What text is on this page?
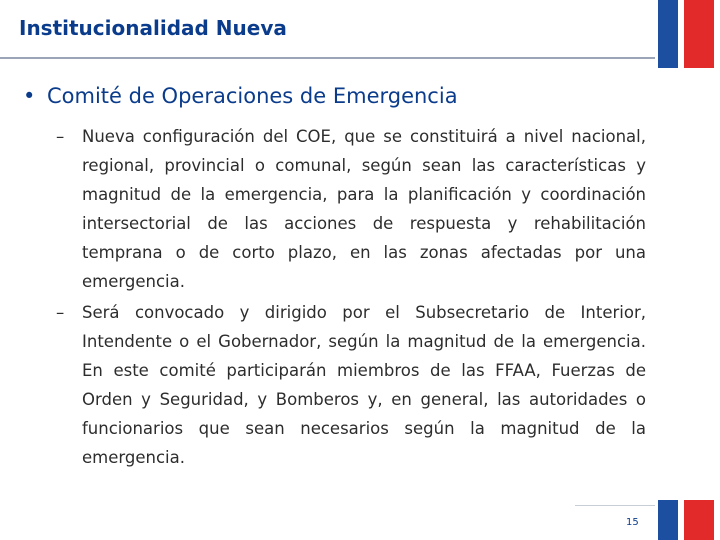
Institucionalidad Nueva
• Comité de Operaciones de Emergencia
– Nueva configuración del COE, que se constituirá a nivel nacional, regional, provincial o comunal, según sean las características y magnitud de la emergencia, para la planificación y coordinación intersectorial de las acciones de respuesta y rehabilitación temprana o de corto plazo, en las zonas afectadas por una emergencia.
– Será convocado y dirigido por el Subsecretario de Interior, Intendente o el Gobernador, según la magnitud de la emergencia. En este comité participarán miembros de las FFAA, Fuerzas de Orden y Seguridad, y Bomberos y, en general, las autoridades o funcionarios que sean necesarios según la magnitud de la emergencia.
15
